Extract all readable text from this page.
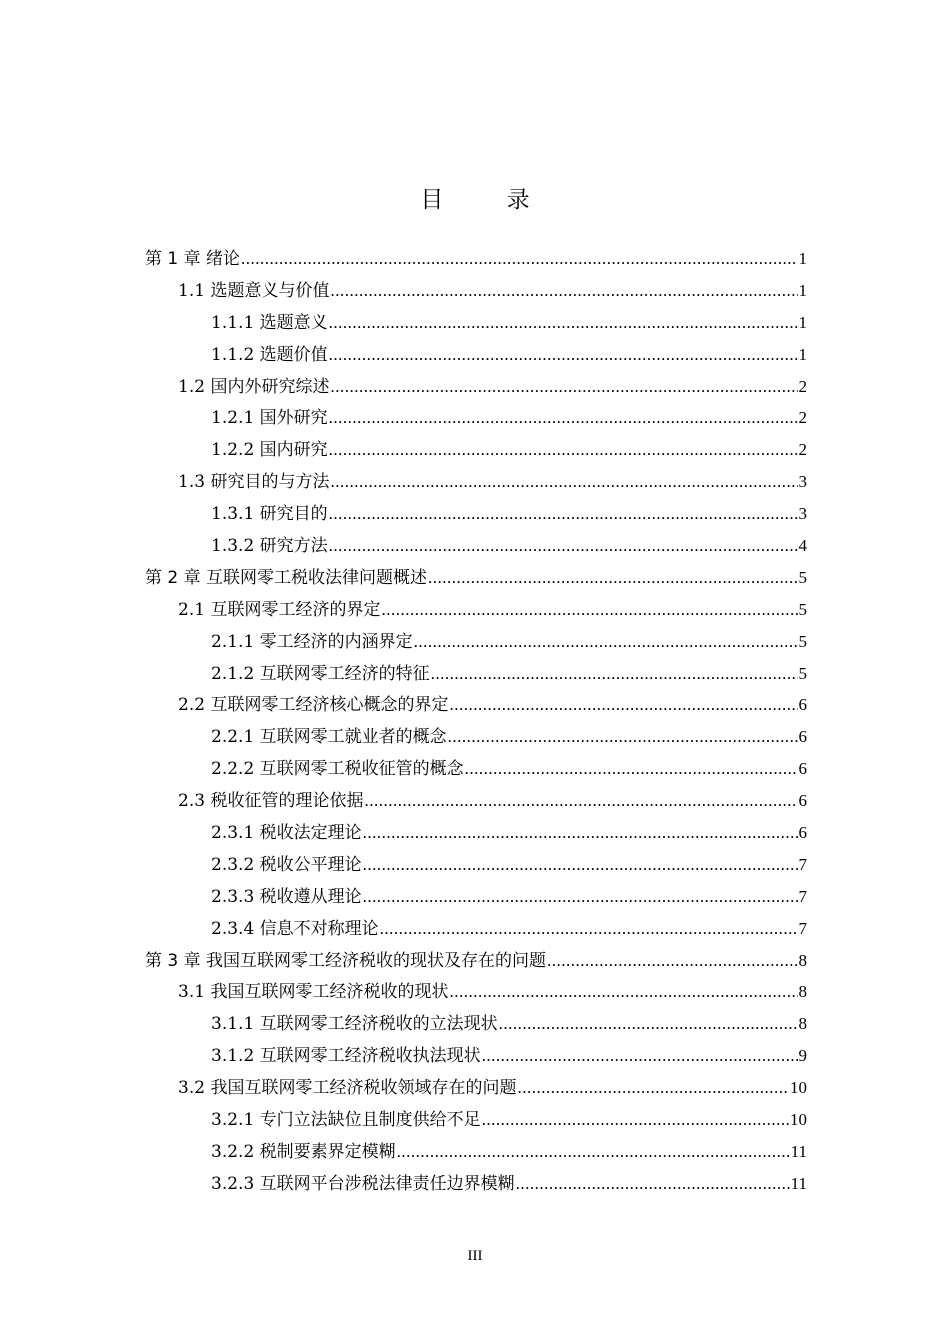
目 录
第 1 章 绪论 .....	1
1.1 选题意义与价值 .....	1
1.1.1 选题意义 .....	1
1.1.2 选题价值 .....	1
1.2 国内外研究综述 .....	2
1.2.1 国外研究 .....	2
1.2.2 国内研究 .....	2
1.3 研究目的与方法 .....	3
1.3.1 研究目的 .....	3
1.3.2 研究方法 .....	4
第 2 章 互联网零工税收法律问题概述 .....	5
2.1 互联网零工经济的界定 .....	5
2.1.1 零工经济的内涵界定 .....	5
2.1.2 互联网零工经济的特征 .....	5
2.2 互联网零工经济核心概念的界定 .....	6
2.2.1 互联网零工就业者的概念 .....	6
2.2.2 互联网零工税收征管的概念 .....	6
2.3 税收征管的理论依据 .....	6
2.3.1 税收法定理论 .....	6
2.3.2 税收公平理论 .....	7
2.3.3 税收遵从理论 .....	7
2.3.4 信息不对称理论 .....	7
第 3 章 我国互联网零工经济税收的现状及存在的问题 .....	8
3.1 我国互联网零工经济税收的现状 .....	8
3.1.1 互联网零工经济税收的立法现状 .....	8
3.1.2 互联网零工经济税收执法现状 .....	9
3.2 我国互联网零工经济税收领域存在的问题 .....	10
3.2.1 专门立法缺位且制度供给不足 .....	10
3.2.2 税制要素界定模糊 .....	11
3.2.3 互联网平台涉税法律责任边界模糊 .....	11
III
